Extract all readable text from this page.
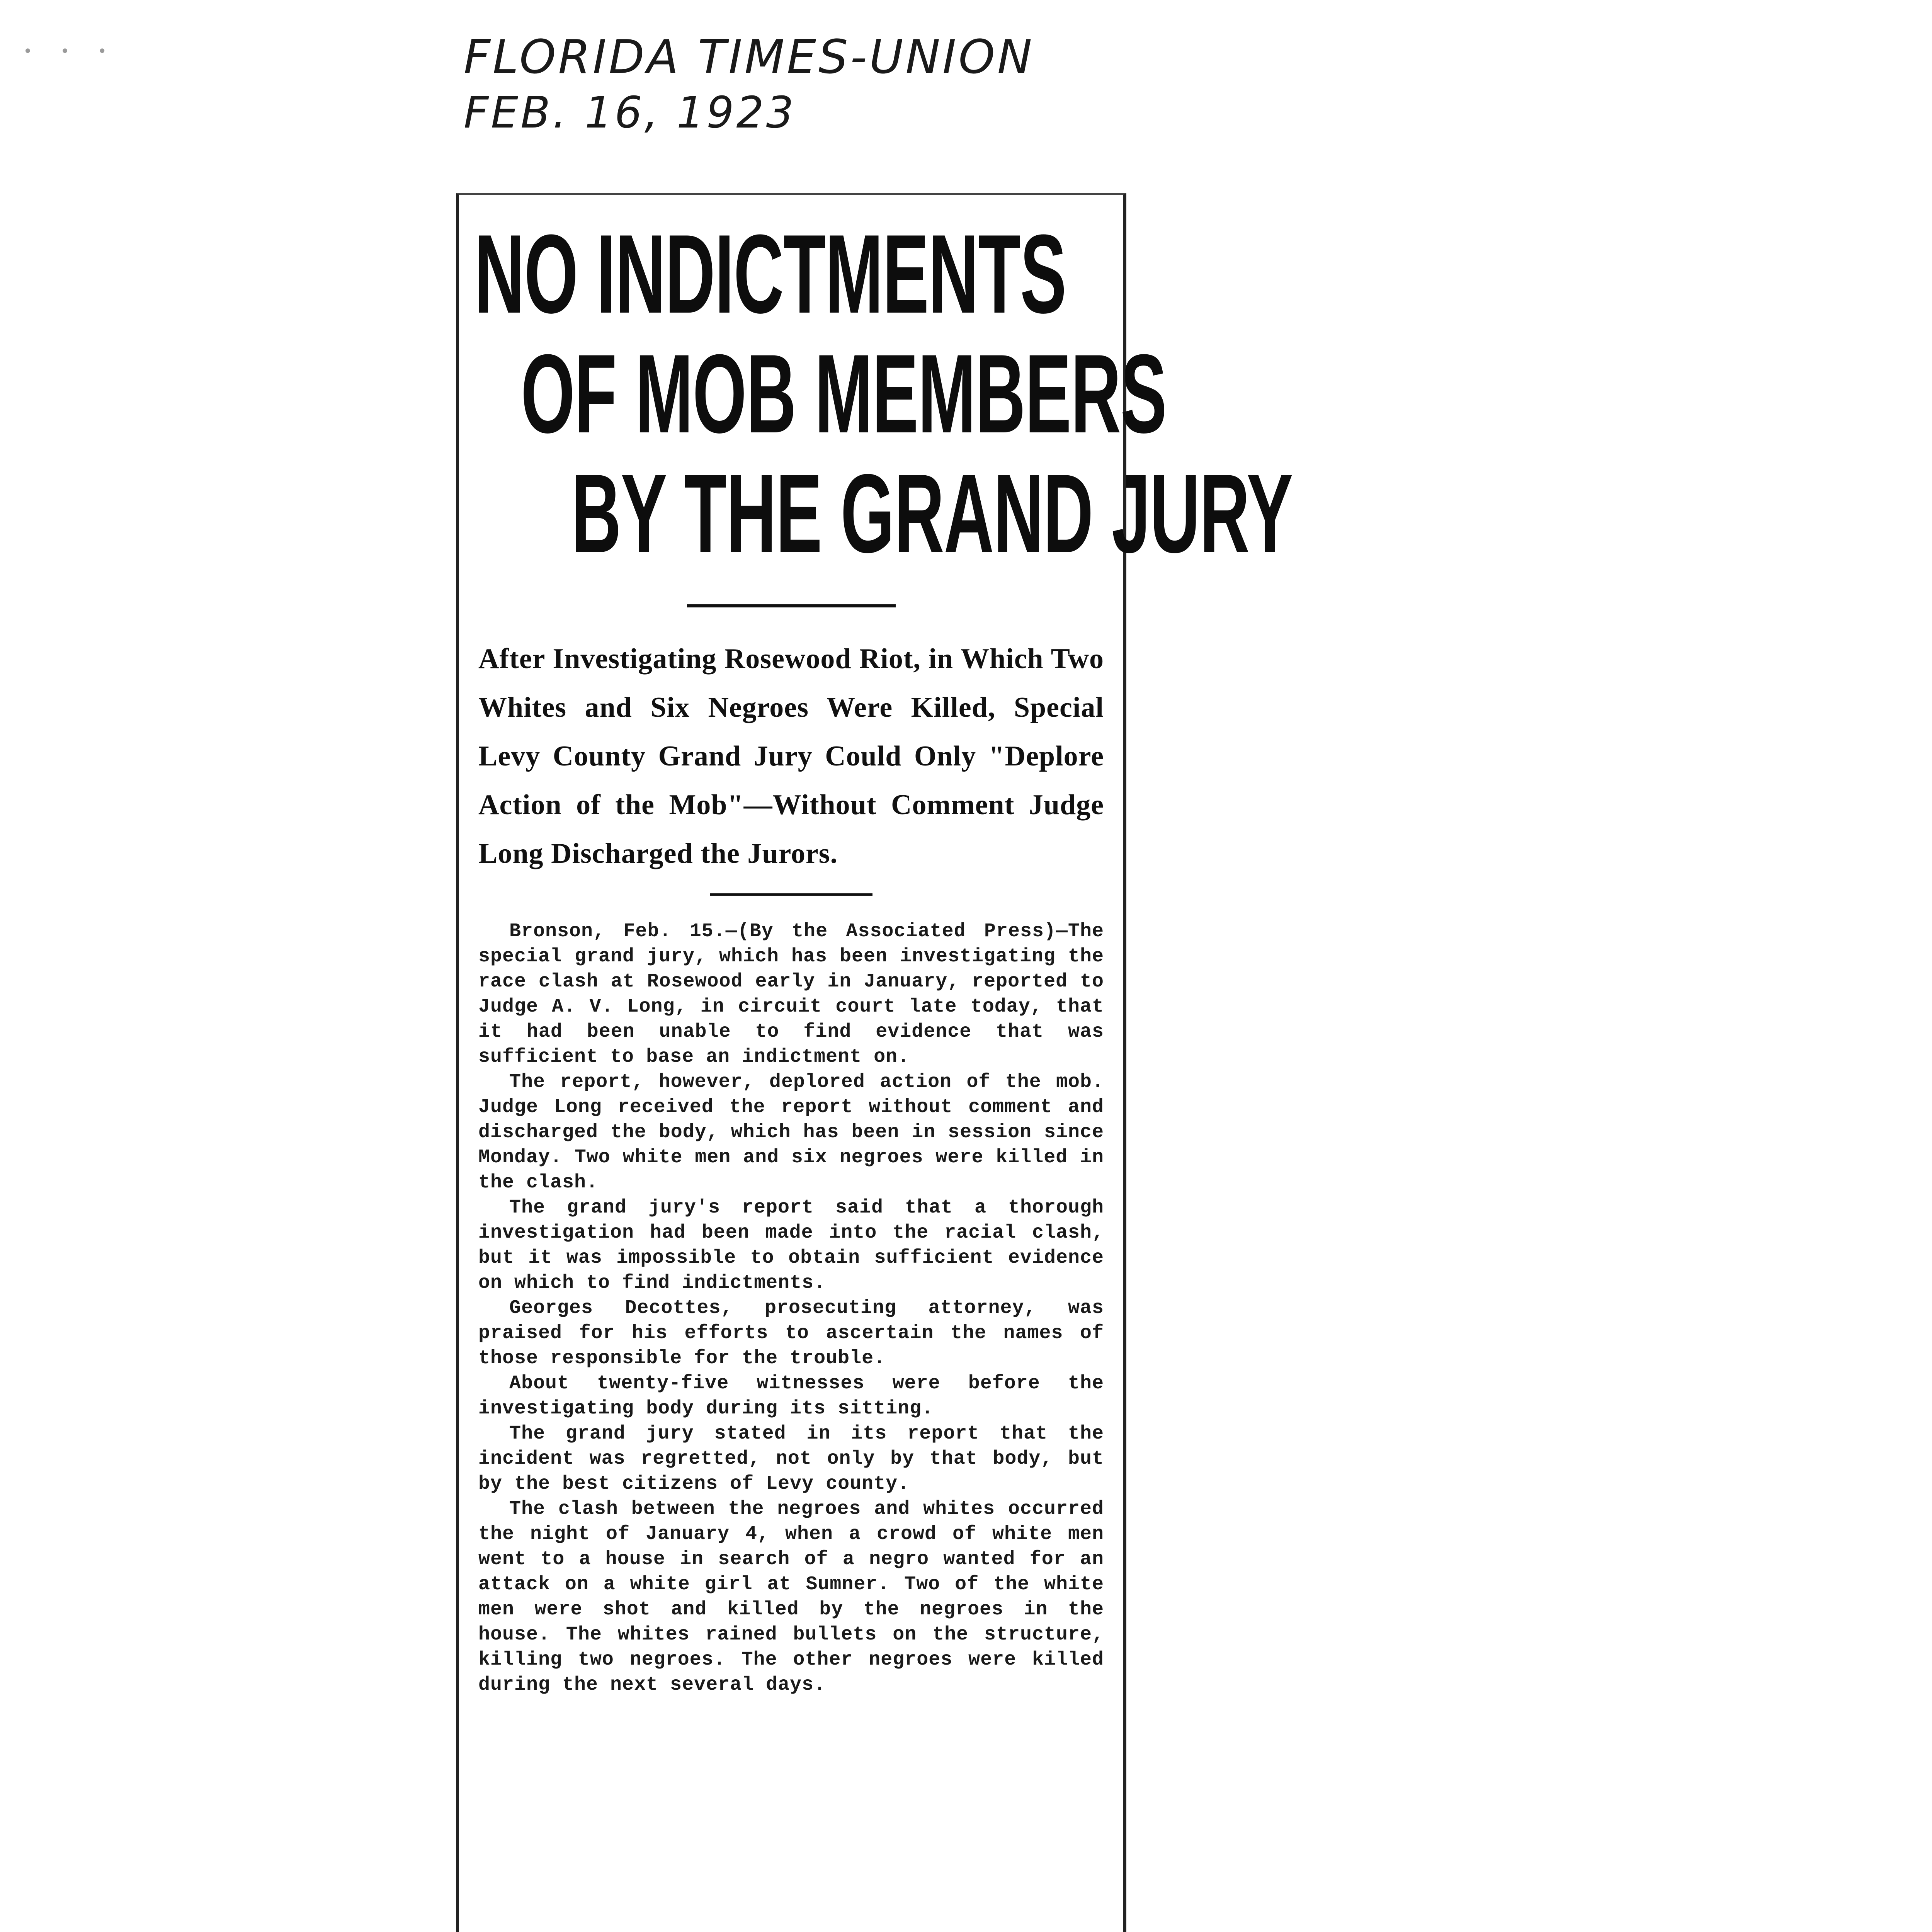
• • •	FLORIDA TIMES-UNION
FEB. 16, 1923
NO INDICTMENTS
OF MOB MEMBERS
BY THE GRAND JURY
After Investigating Rosewood Riot, in Which Two Whites and Six Negroes Were Killed, Special Levy County Grand Jury Could Only "Deplore Action of the Mob"—Without Comment Judge Long Discharged the Jurors.

Bronson, Feb. 15.—(By the Associated Press)—The special grand jury, which has been investigating the race clash at Rosewood early in January, reported to Judge A. V. Long, in circuit court late today, that it had been unable to find evidence that was sufficient to base an indictment on.

The report, however, deplored action of the mob. Judge Long received the report without comment and discharged the body, which has been in session since Monday. Two white men and six negroes were killed in the clash.

The grand jury's report said that a thorough investigation had been made into the racial clash, but it was impossible to obtain sufficient evidence on which to find indictments.

Georges Decottes, prosecuting attorney, was praised for his efforts to ascertain the names of those responsible for the trouble.

About twenty-five witnesses were before the investigating body during its sitting.

The grand jury stated in its report that the incident was regretted, not only by that body, but by the best citizens of Levy county.

The clash between the negroes and whites occurred the night of January 4, when a crowd of white men went to a house in search of a negro wanted for an attack on a white girl at Sumner. Two of the white men were shot and killed by the negroes in the house. The whites rained bullets on the structure, killing two negroes. The other negroes were killed during the next several days.
